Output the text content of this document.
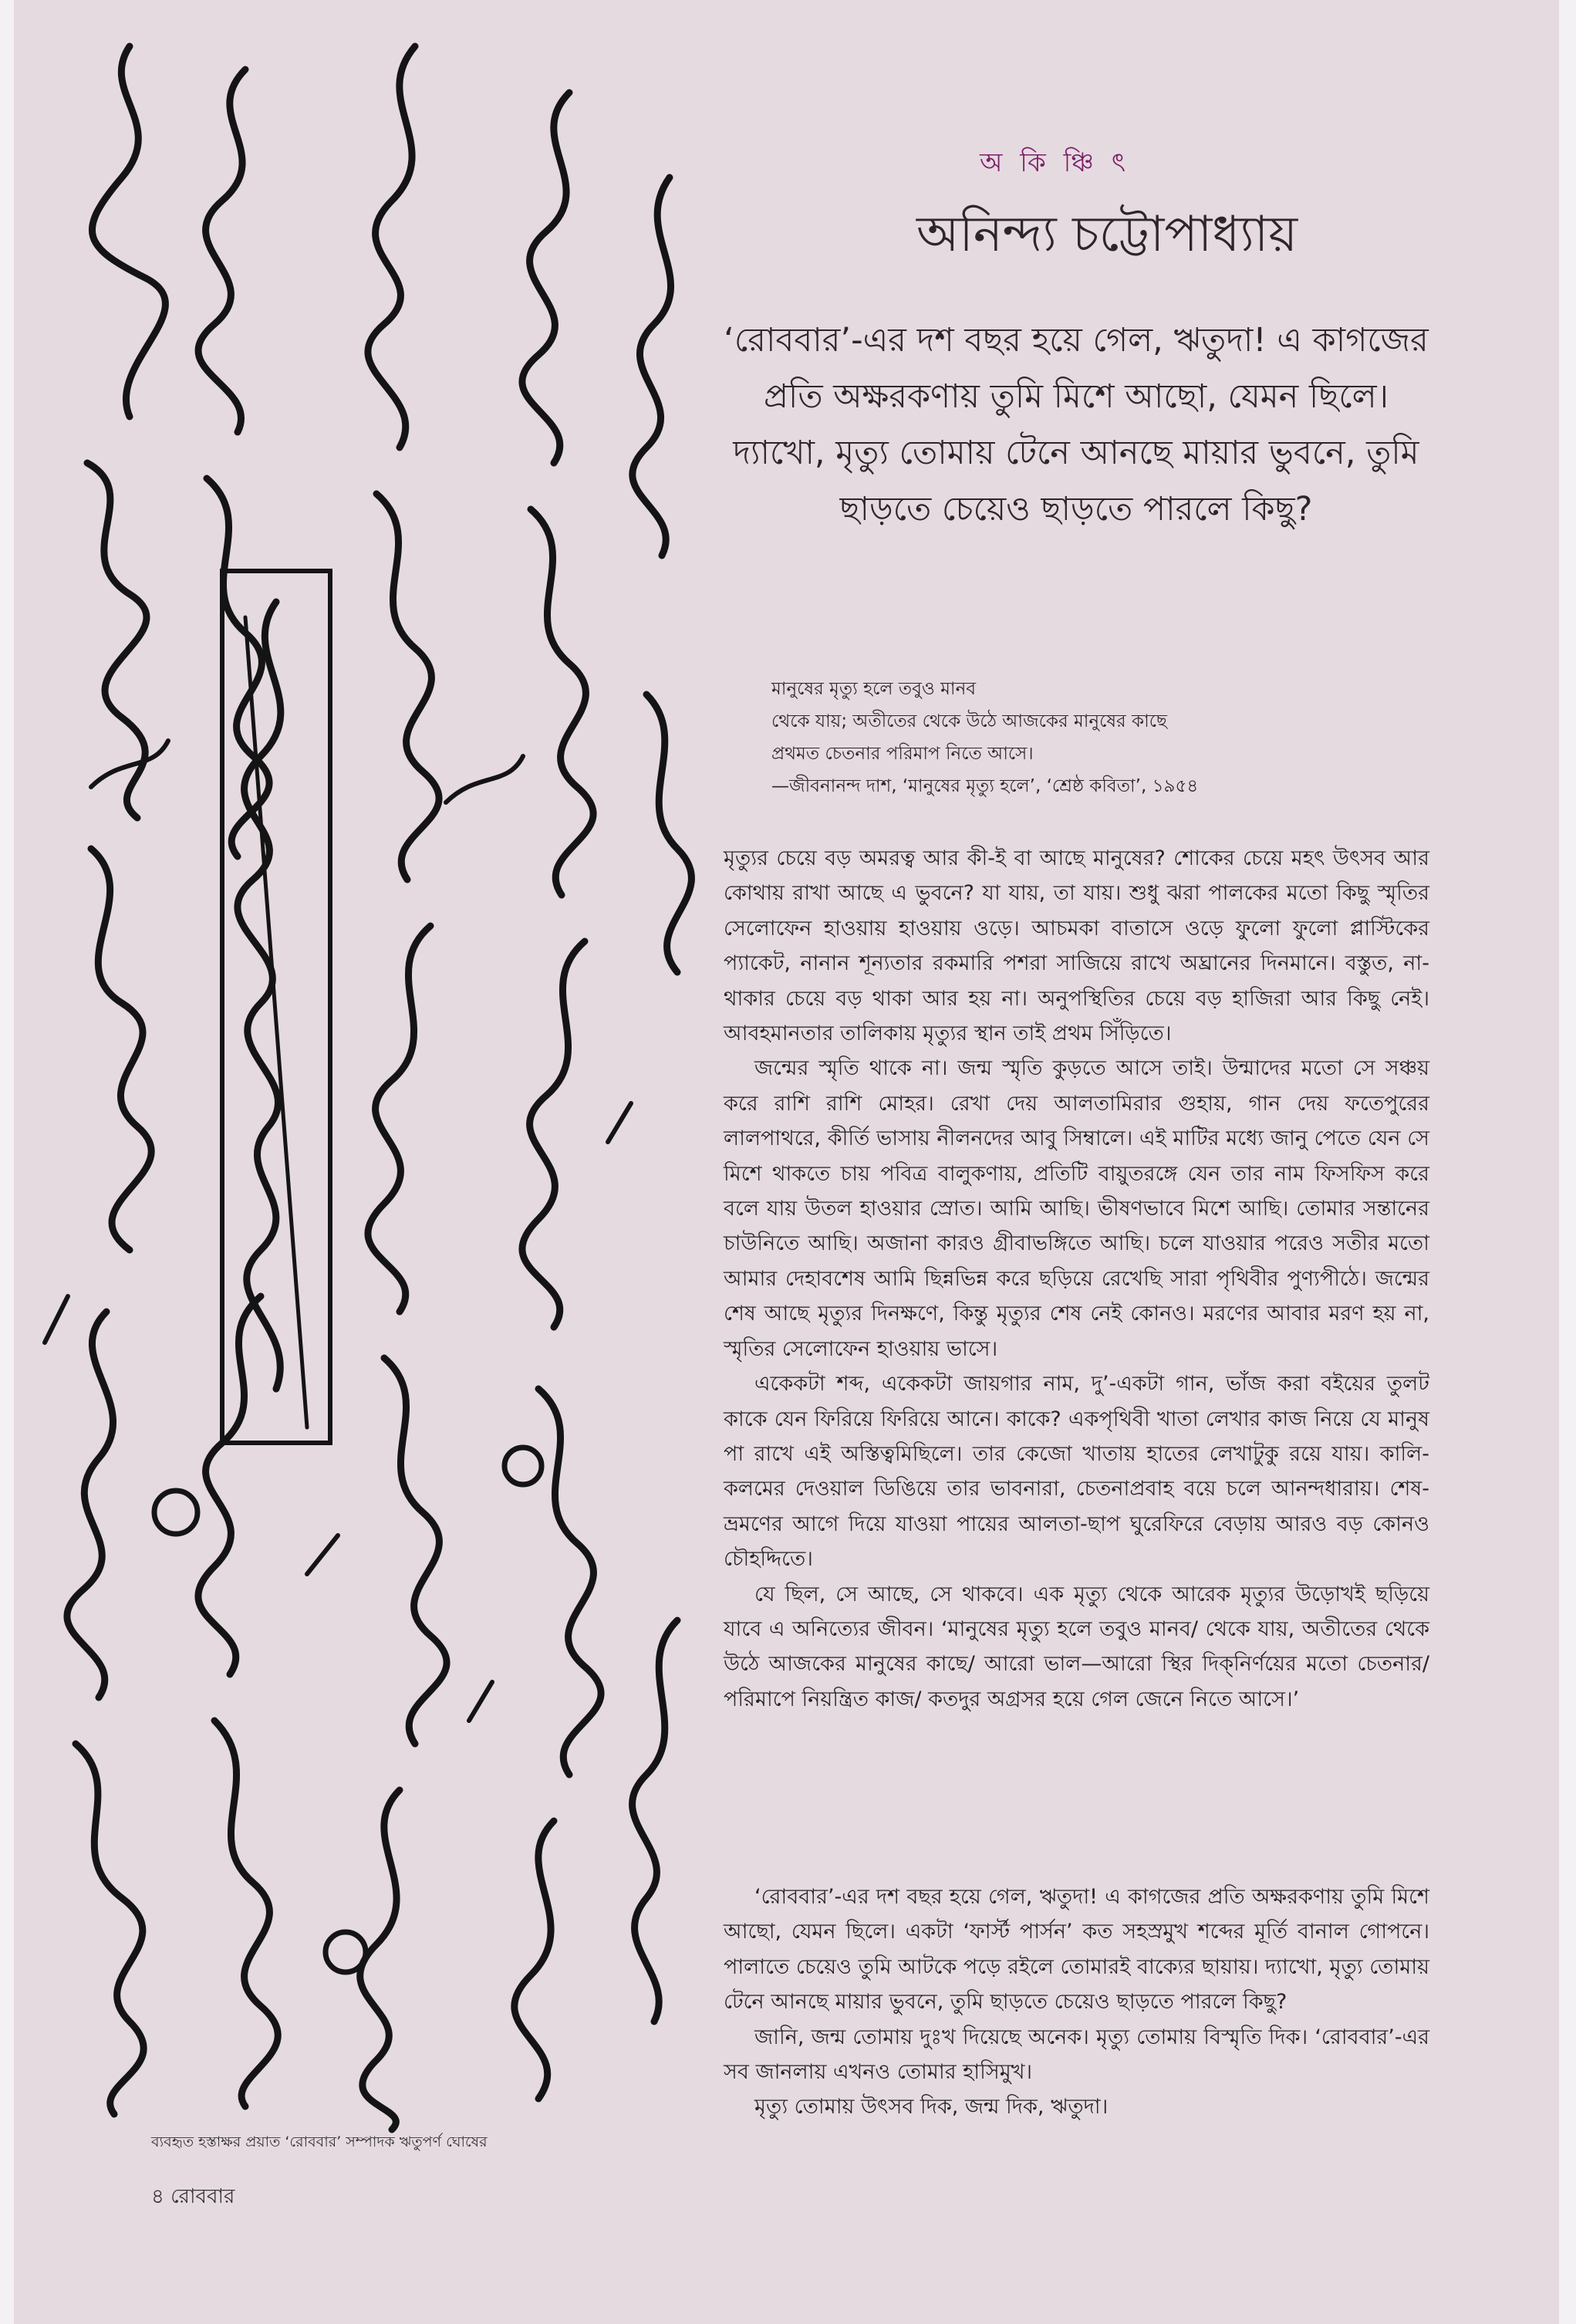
ব্যবহৃত হস্তাক্ষর প্রয়াত ‘রোববার’ সম্পাদক ঋতুপর্ণ ঘোষের
৪ রোববার
অ কি ঞ্চি ৎ
অনিন্দ্য চট্টোপাধ্যায়
‘রোববার’-এর দশ বছর হয়ে গেল, ঋতুদা! এ কাগজের প্রতি অক্ষরকণায় তুমি মিশে আছো, যেমন ছিলে। দ্যাখো, মৃত্যু তোমায় টেনে আনছে মায়ার ভুবনে, তুমি ছাড়তে চেয়েও ছাড়তে পারলে কিছু?
মানুষের মৃত্যু হলে তবুও মানব
থেকে যায়; অতীতের থেকে উঠে আজকের মানুষের কাছে
প্রথমত চেতনার পরিমাপ নিতে আসে।
—জীবনানন্দ দাশ, ‘মানুষের মৃত্যু হলে’, ‘শ্রেষ্ঠ কবিতা’, ১৯৫৪

মৃত্যুর চেয়ে বড় অমরত্ব আর কী-ই বা আছে মানুষের? শোকের চেয়ে মহৎ উৎসব আর কোথায় রাখা আছে এ ভুবনে? যা যায়, তা যায়। শুধু ঝরা পালকের মতো কিছু স্মৃতির সেলোফেন হাওয়ায় হাওয়ায় ওড়ে। আচমকা বাতাসে ওড়ে ফুলো ফুলো প্লাস্টিকের প্যাকেট, নানান শূন্যতার রকমারি পশরা সাজিয়ে রাখে অঘ্রানের দিনমানে। বস্তুত, না-থাকার চেয়ে বড় থাকা আর হয় না। অনুপস্থিতির চেয়ে বড় হাজিরা আর কিছু নেই। আবহমানতার তালিকায় মৃত্যুর স্থান তাই প্রথম সিঁড়িতে।

জন্মের স্মৃতি থাকে না। জন্ম স্মৃতি কুড়তে আসে তাই। উন্মাদের মতো সে সঞ্চয় করে রাশি রাশি মোহর। রেখা দেয় আলতামিরার গুহায়, গান দেয় ফতেপুরের লালপাথরে, কীর্তি ভাসায় নীলনদের আবু সিম্বালে। এই মাটির মধ্যে জানু পেতে যেন সে মিশে থাকতে চায় পবিত্র বালুকণায়, প্রতিটি বায়ুতরঙ্গে যেন তার নাম ফিসফিস করে বলে যায় উতল হাওয়ার স্রোত। আমি আছি। ভীষণভাবে মিশে আছি। তোমার সন্তানের চাউনিতে আছি। অজানা কারও গ্রীবাভঙ্গিতে আছি। চলে যাওয়ার পরেও সতীর মতো আমার দেহাবশেষ আমি ছিন্নভিন্ন করে ছড়িয়ে রেখেছি সারা পৃথিবীর পুণ্যপীঠে। জন্মের শেষ আছে মৃত্যুর দিনক্ষণে, কিন্তু মৃত্যুর শেষ নেই কোনও। মরণের আবার মরণ হয় না, স্মৃতির সেলোফেন হাওয়ায় ভাসে।

একেকটা শব্দ, একেকটা জায়গার নাম, দু’-একটা গান, ভাঁজ করা বইয়ের তুলট কাকে যেন ফিরিয়ে ফিরিয়ে আনে। কাকে? একপৃথিবী খাতা লেখার কাজ নিয়ে যে মানুষ পা রাখে এই অস্তিত্বমিছিলে। তার কেজো খাতায় হাতের লেখাটুকু রয়ে যায়। কালি-কলমের দেওয়াল ডিঙিয়ে তার ভাবনারা, চেতনাপ্রবাহ বয়ে চলে আনন্দধারায়। শেষ-ভ্রমণের আগে দিয়ে যাওয়া পায়ের আলতা-ছাপ ঘুরেফিরে বেড়ায় আরও বড় কোনও চৌহদ্দিতে।

যে ছিল, সে আছে, সে থাকবে। এক মৃত্যু থেকে আরেক মৃত্যুর উড়োখই ছড়িয়ে যাবে এ অনিত্যের জীবন। ‘মানুষের মৃত্যু হলে তবুও মানব/ থেকে যায়, অতীতের থেকে উঠে আজকের মানুষের কাছে/ আরো ভাল—আরো স্থির দিক্‌নির্ণয়ের মতো চেতনার/ পরিমাপে নিয়ন্ত্রিত কাজ/ কতদুর অগ্রসর হয়ে গেল জেনে নিতে আসে।’

‘রোববার’-এর দশ বছর হয়ে গেল, ঋতুদা! এ কাগজের প্রতি অক্ষরকণায় তুমি মিশে আছো, যেমন ছিলে। একটা ‘ফার্স্ট পার্সন’ কত সহস্রমুখ শব্দের মূর্তি বানাল গোপনে। পালাতে চেয়েও তুমি আটকে পড়ে রইলে তোমারই বাক্যের ছায়ায়। দ্যাখো, মৃত্যু তোমায় টেনে আনছে মায়ার ভুবনে, তুমি ছাড়তে চেয়েও ছাড়তে পারলে কিছু?

জানি, জন্ম তোমায় দুঃখ দিয়েছে অনেক। মৃত্যু তোমায় বিস্মৃতি দিক। ‘রোববার’-এর সব জানলায় এখনও তোমার হাসিমুখ।

মৃত্যু তোমায় উৎসব দিক, জন্ম দিক, ঋতুদা।
